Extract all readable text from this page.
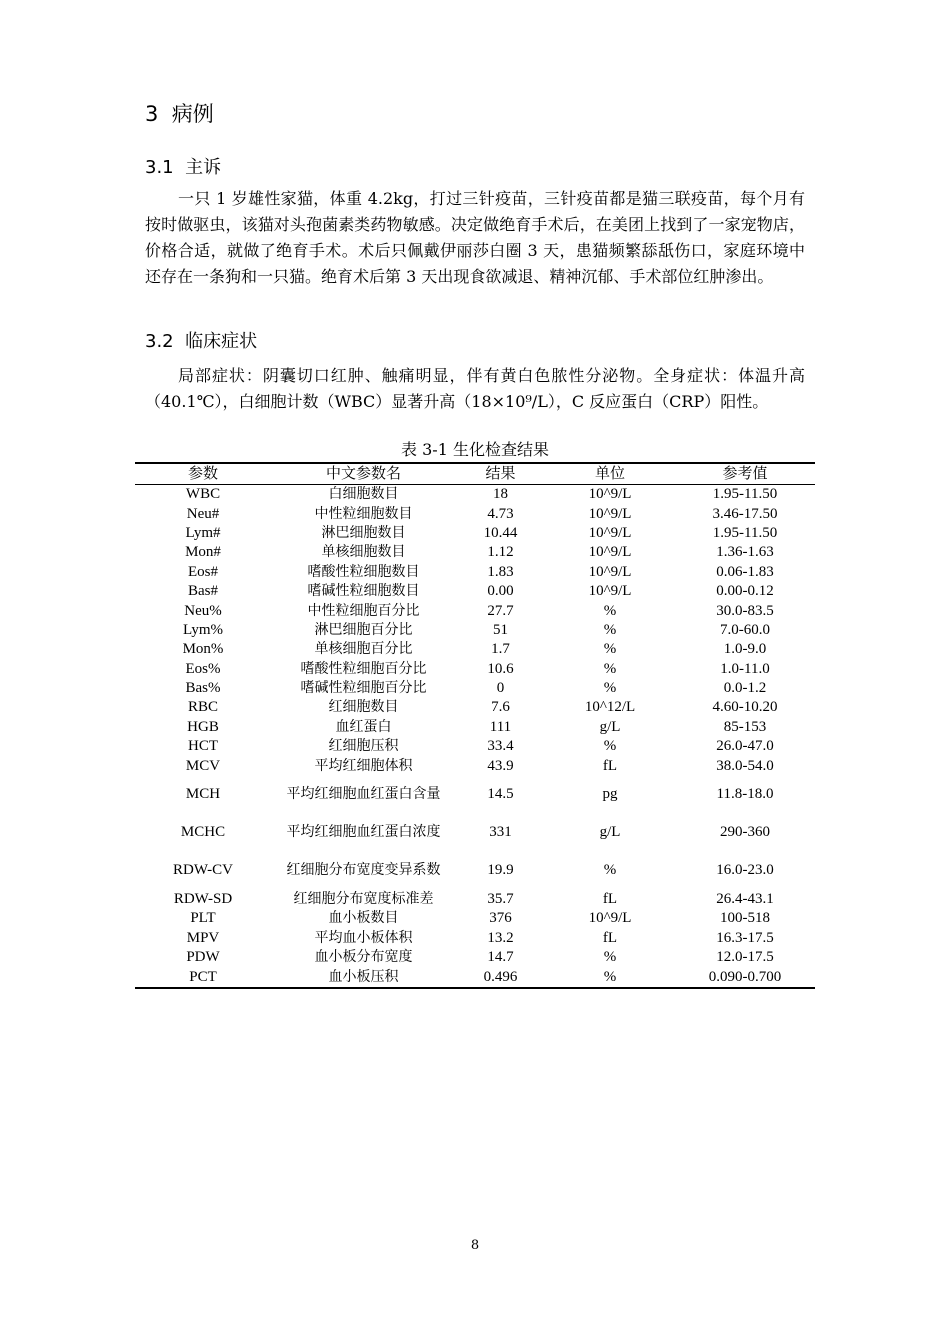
3 病例
3.1 主诉

一只 1 岁雄性家猫，体重 4.2kg，打过三针疫苗，三针疫苗都是猫三联疫苗，每个月有按时做驱虫，该猫对头孢菌素类药物敏感。决定做绝育手术后，在美团上找到了一家宠物店，价格合适，就做了绝育手术。术后只佩戴伊丽莎白圈 3 天，患猫频繁舔舐伤口，家庭环境中还存在一条狗和一只猫。绝育术后第 3 天出现食欲减退、精神沉郁、手术部位红肿渗出。

3.2 临床症状

局部症状：阴囊切口红肿、触痛明显，伴有黄白色脓性分泌物。全身症状：体温升高（40.1℃），白细胞计数（WBC）显著升高（18×10⁹/L），C 反应蛋白（CRP）阳性。

表 3-1 生化检查结果
参数	中文参数名	结果	单位	参考值
WBC	白细胞数目	18	10^9/L	1.95-11.50
Neu#	中性粒细胞数目	4.73	10^9/L	3.46-17.50
Lym#	淋巴细胞数目	10.44	10^9/L	1.95-11.50
Mon#	单核细胞数目	1.12	10^9/L	1.36-1.63
Eos#	嗜酸性粒细胞数目	1.83	10^9/L	0.06-1.83
Bas#	嗜碱性粒细胞数目	0.00	10^9/L	0.00-0.12
Neu%	中性粒细胞百分比	27.7	%	30.0-83.5
Lym%	淋巴细胞百分比	51	%	7.0-60.0
Mon%	单核细胞百分比	1.7	%	1.0-9.0
Eos%	嗜酸性粒细胞百分比	10.6	%	1.0-11.0
Bas%	嗜碱性粒细胞百分比	0	%	0.0-1.2
RBC	红细胞数目	7.6	10^12/L	4.60-10.20
HGB	血红蛋白	111	g/L	85-153
HCT	红细胞压积	33.4	%	26.0-47.0
MCV	平均红细胞体积	43.9	fL	38.0-54.0
MCH	平均红细胞血红蛋白含量	14.5	pg	11.8-18.0
MCHC	平均红细胞血红蛋白浓度	331	g/L	290-360
RDW-CV	红细胞分布宽度变异系数	19.9	%	16.0-23.0
RDW-SD	红细胞分布宽度标准差	35.7	fL	26.4-43.1
PLT	血小板数目	376	10^9/L	100-518
MPV	平均血小板体积	13.2	fL	16.3-17.5
PDW	血小板分布宽度	14.7	%	12.0-17.5
PCT	血小板压积	0.496	%	0.090-0.700
8
